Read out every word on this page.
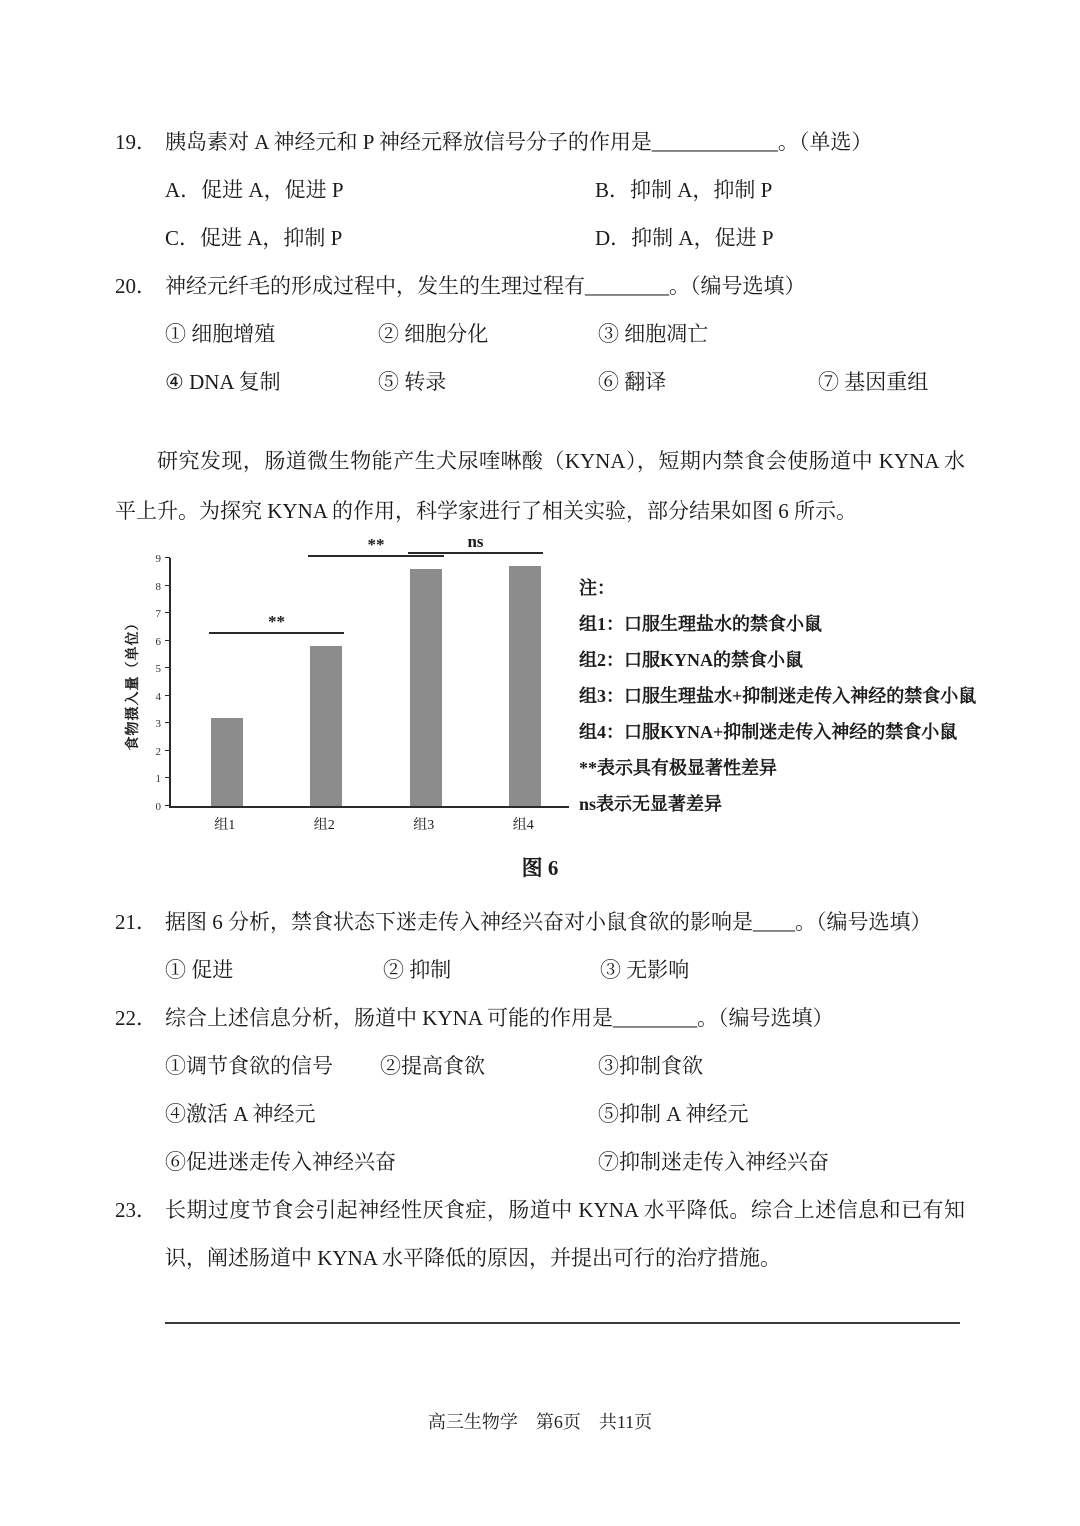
19． 胰岛素对 A 神经元和 P 神经元释放信号分子的作用是____________。（单选）
A．促进 A，促进 P	B．抑制 A，抑制 P
C．促进 A，抑制 P	D．抑制 A，促进 P
20． 神经元纤毛的形成过程中，发生的生理过程有________。（编号选填）
① 细胞增殖	② 细胞分化	③ 细胞凋亡
④ DNA 复制	⑤ 转录	⑥ 翻译	⑦ 基因重组
研究发现，肠道微生物能产生犬尿喹啉酸（KYNA），短期内禁食会使肠道中 KYNA 水平上升。为探究 KYNA 的作用，科学家进行了相关实验，部分结果如图 6 所示。
食物摄入量（单位）
0
1
2
3
4
5
6
7
8
9
**
**	ns
组1	组2	组3	组4
注：
组1：口服生理盐水的禁食小鼠
组2：口服KYNA的禁食小鼠
组3：口服生理盐水+抑制迷走传入神经的禁食小鼠
组4：口服KYNA+抑制迷走传入神经的禁食小鼠
**表示具有极显著性差异
ns表示无显著差异
图 6
21． 据图 6 分析，禁食状态下迷走传入神经兴奋对小鼠食欲的影响是____。（编号选填）
① 促进	② 抑制	③ 无影响
22． 综合上述信息分析，肠道中 KYNA 可能的作用是________。（编号选填）
①调节食欲的信号	②提高食欲	③抑制食欲
④激活 A 神经元	⑤抑制 A 神经元
⑥促进迷走传入神经兴奋	⑦抑制迷走传入神经兴奋
23． 长期过度节食会引起神经性厌食症，肠道中 KYNA 水平降低。综合上述信息和已有知识，阐述肠道中 KYNA 水平降低的原因，并提出可行的治疗措施。
高三生物学　第6页　共11页
